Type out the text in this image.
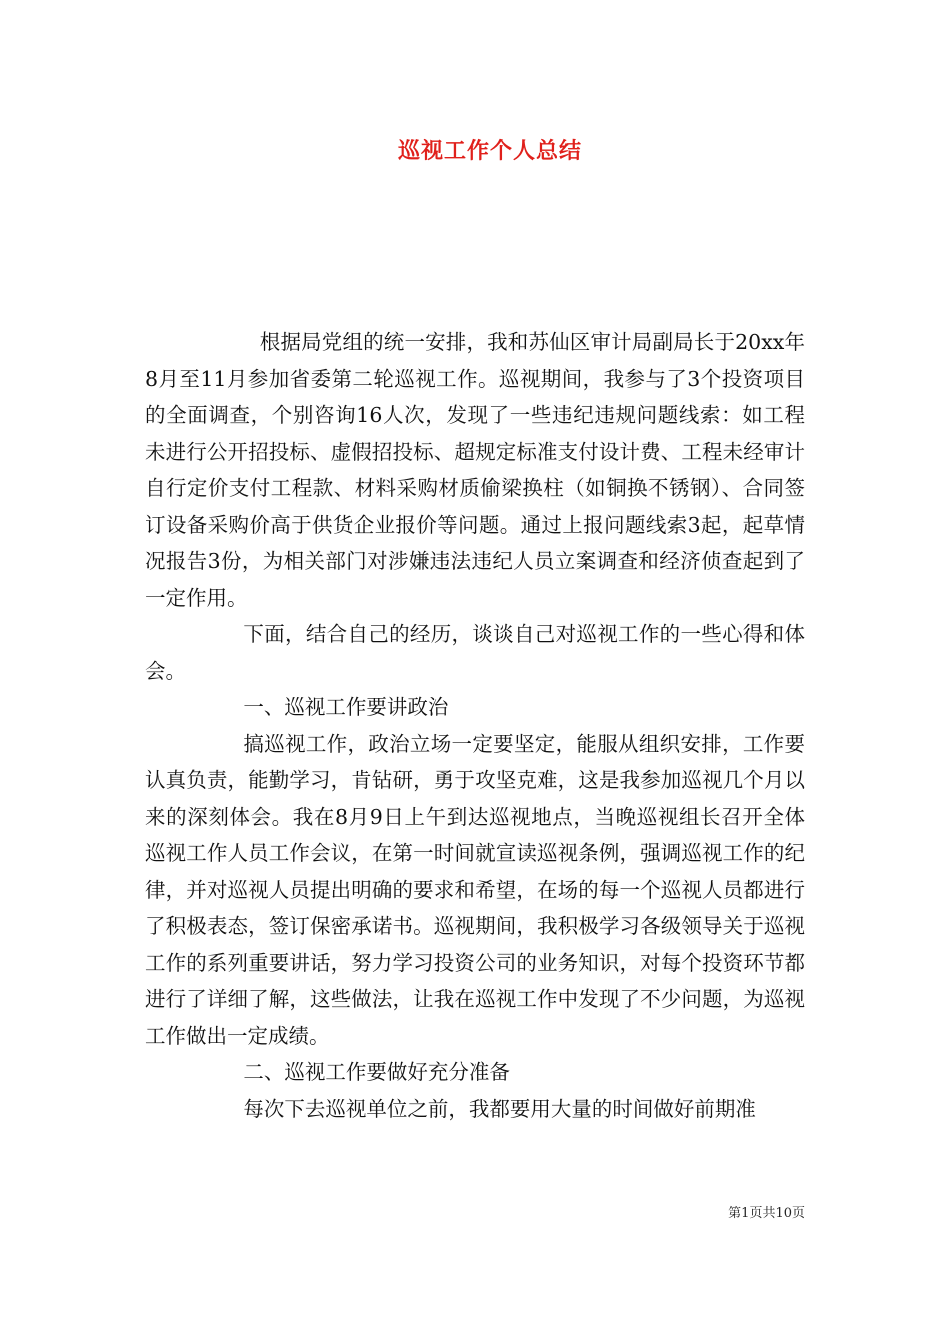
巡视工作个人总结

根据局党组的统一安排，我和苏仙区审计局副局长于20xx年8月至11月参加省委第二轮巡视工作。巡视期间，我参与了3个投资项目的全面调查，个别咨询16人次，发现了一些违纪违规问题线索：如工程未进行公开招投标、虚假招投标、超规定标准支付设计费、工程未经审计自行定价支付工程款、材料采购材质偷梁换柱（如铜换不锈钢）、合同签订设备采购价高于供货企业报价等问题。通过上报问题线索3起，起草情况报告3份，为相关部门对涉嫌违法违纪人员立案调查和经济侦查起到了一定作用。

下面，结合自己的经历，谈谈自己对巡视工作的一些心得和体会。

一、巡视工作要讲政治

搞巡视工作，政治立场一定要坚定，能服从组织安排，工作要认真负责，能勤学习，肯钻研，勇于攻坚克难，这是我参加巡视几个月以来的深刻体会。我在8月9日上午到达巡视地点，当晚巡视组长召开全体巡视工作人员工作会议，在第一时间就宣读巡视条例，强调巡视工作的纪律，并对巡视人员提出明确的要求和希望，在场的每一个巡视人员都进行了积极表态，签订保密承诺书。巡视期间，我积极学习各级领导关于巡视工作的系列重要讲话，努力学习投资公司的业务知识，对每个投资环节都进行了详细了解，这些做法，让我在巡视工作中发现了不少问题，为巡视工作做出一定成绩。

二、巡视工作要做好充分准备

每次下去巡视单位之前，我都要用大量的时间做好前期准

第1页共10页
